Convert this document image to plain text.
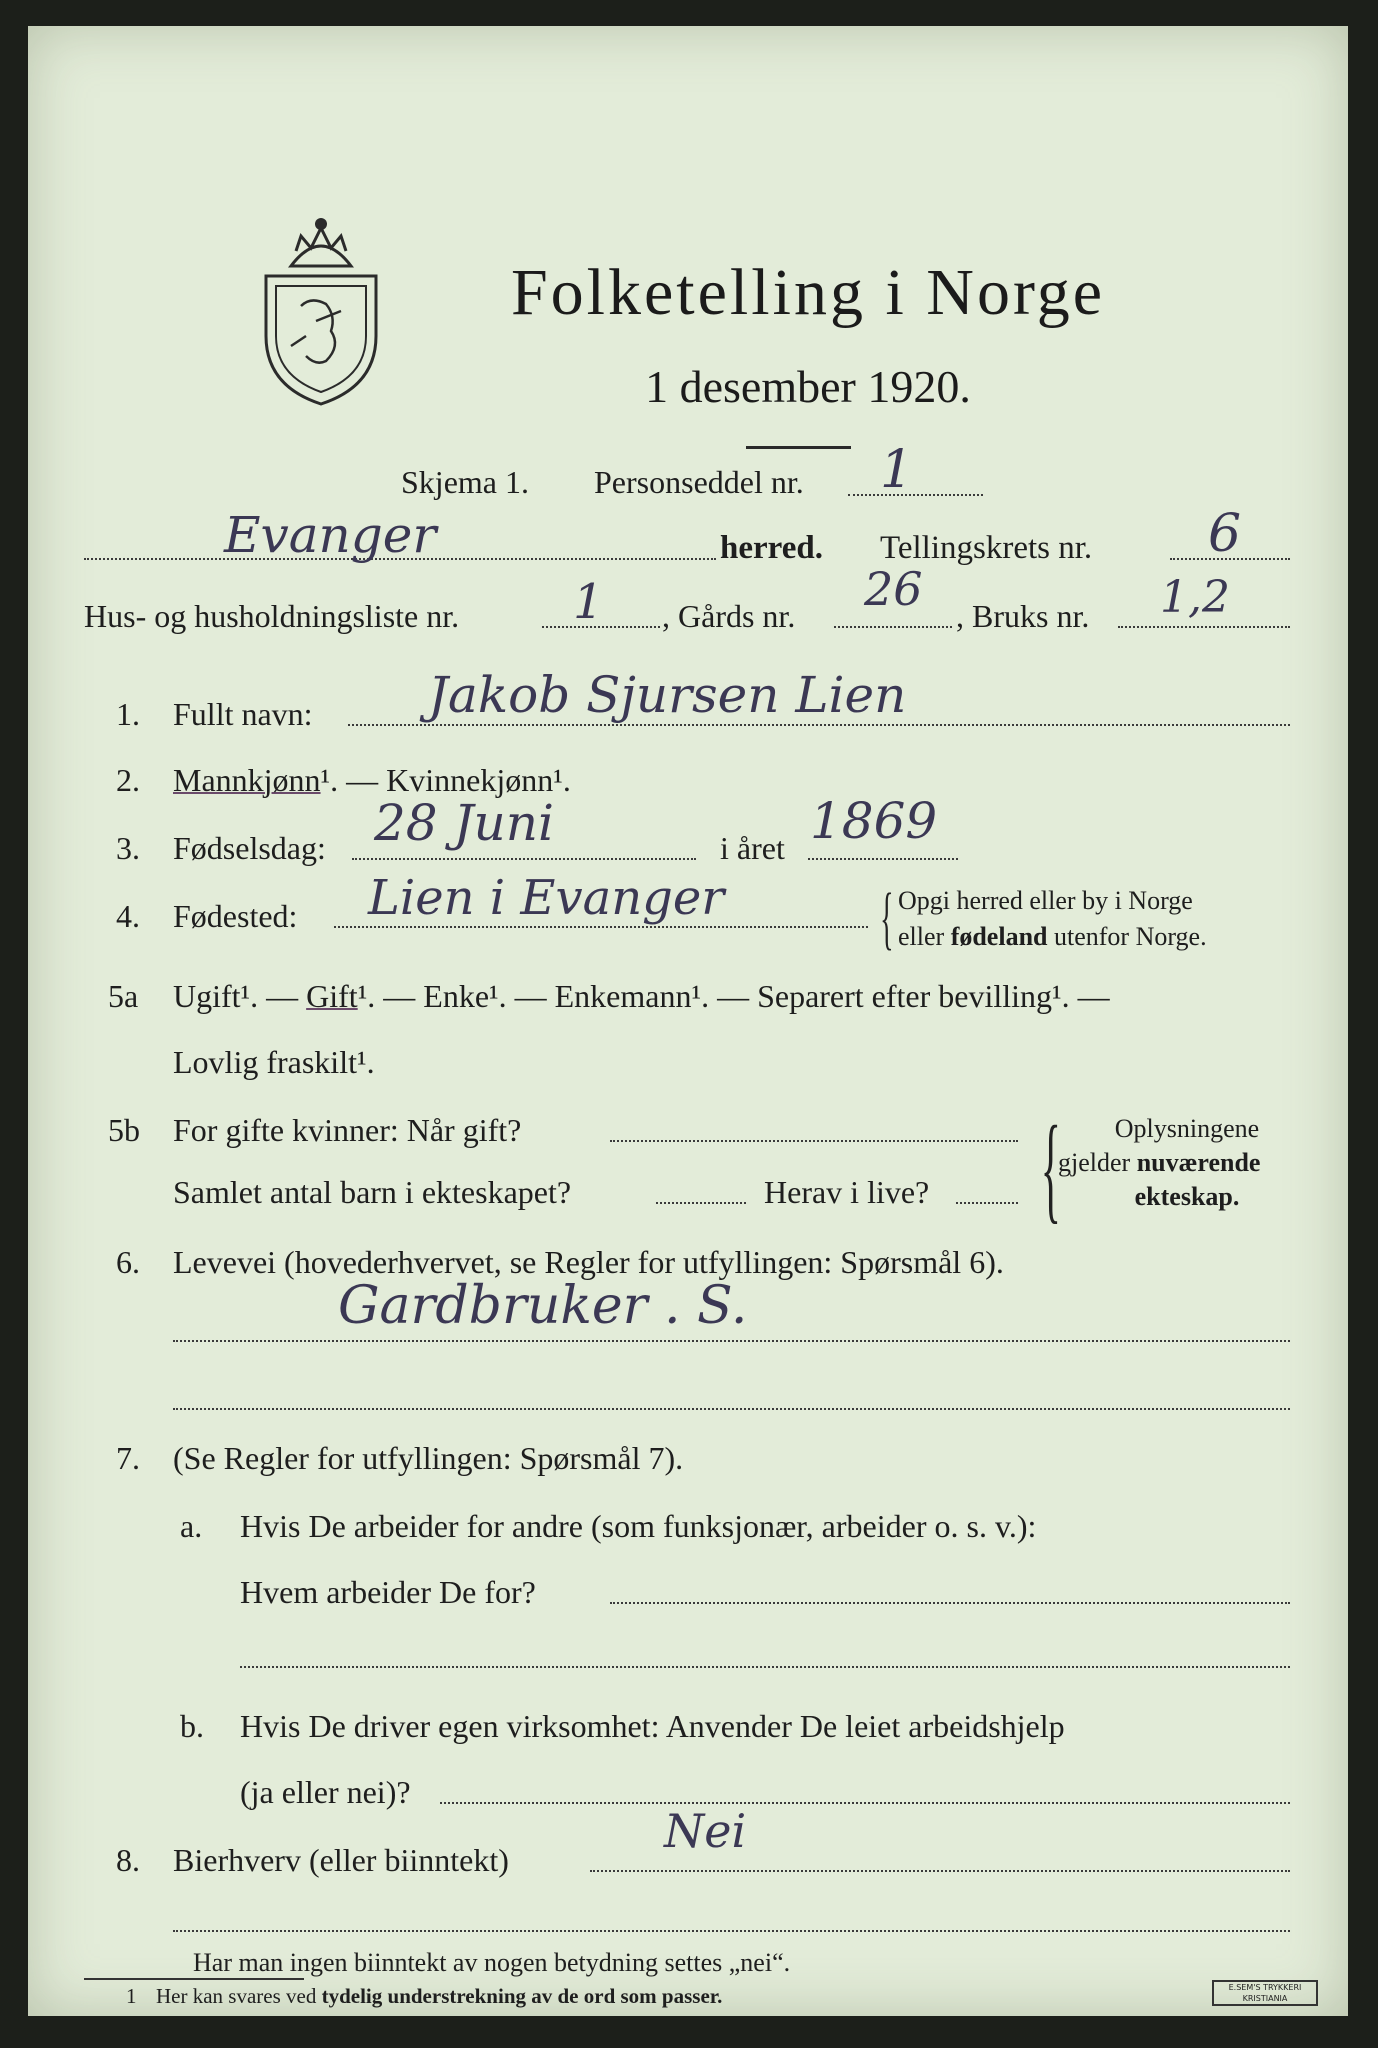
Folketelling i Norge
1 desember 1920.
Skjema 1. Personseddel nr. 1
Evanger	herred. Tellingskrets nr. 6
Hus- og husholdningsliste nr. 1 , Gårds nr. 26 , Bruks nr. 1,2
1. Fullt navn: Jakob Sjursen Lien
2. Mannkjønn¹. — Kvinnekjønn¹.
3. Fødselsdag: 28 Juni	i året 1869
4. Fødested: Lien i Evanger { Opgi herred eller by i Norge
eller fødeland utenfor Norge.
5a Ugift¹. — Gift¹. — Enke¹. — Enkemann¹. — Separert efter bevilling¹. —
Lovlig fraskilt¹.
5b For gifte kvinner: Når gift?
Samlet antal barn i ekteskapet?	Herav i live? {	Oplysningene
gjelder nuværende
ekteskap.
6. Levevei (hovederhvervet, se Regler for utfyllingen: Spørsmål 6).
Gardbruker . S.
7. (Se Regler for utfyllingen: Spørsmål 7).
a. Hvis De arbeider for andre (som funksjonær, arbeider o. s. v.):
Hvem arbeider De for?
b. Hvis De driver egen virksomhet: Anvender De leiet arbeidshjelp
(ja eller nei)?
8. Bierhverv (eller biinntekt)
Nei
Har man ingen biinntekt av nogen betydning settes „nei“.
1 Her kan svares ved tydelig understrekning av de ord som passer.	E.SEM'S TRYKKERI KRISTIANIA
